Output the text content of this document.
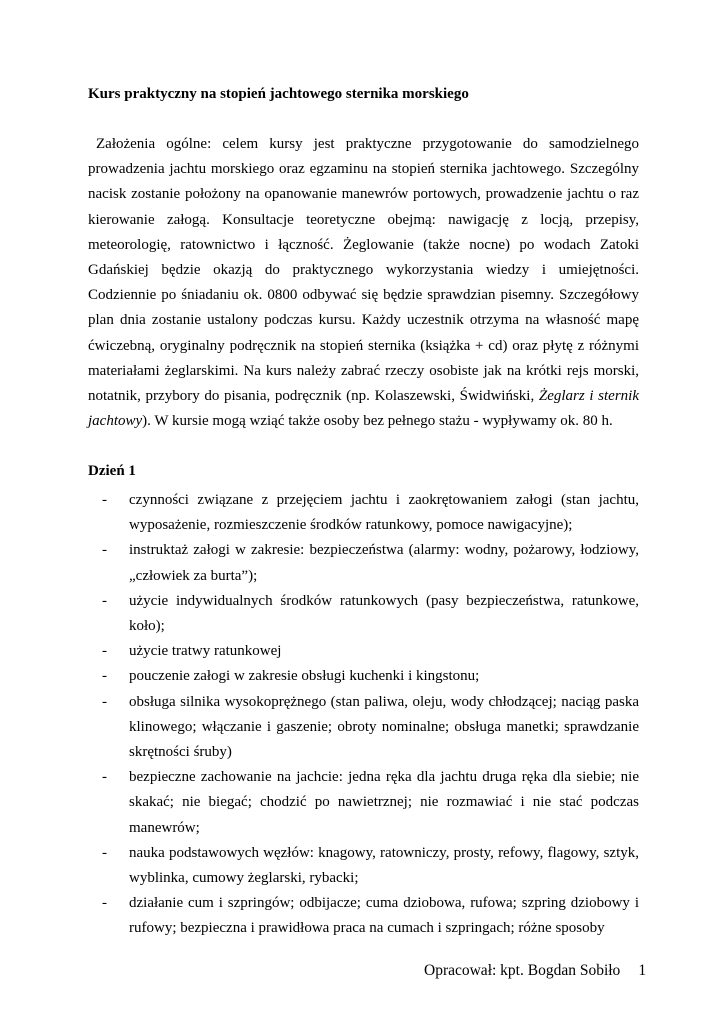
Kurs praktyczny na stopień jachtowego sternika morskiego

Założenia ogólne: celem kursy jest praktyczne przygotowanie do samodzielnego prowadzenia jachtu morskiego oraz egzaminu na stopień sternika jachtowego. Szczególny nacisk zostanie położony na opanowanie manewrów portowych, prowadzenie jachtu o raz kierowanie załogą. Konsultacje teoretyczne obejmą: nawigację z locją, przepisy, meteorologię, ratownictwo i łączność. Żeglowanie (także nocne) po wodach Zatoki Gdańskiej będzie okazją do praktycznego wykorzystania wiedzy i umiejętności. Codziennie po śniadaniu ok. 0800 odbywać się będzie sprawdzian pisemny. Szczegółowy plan dnia zostanie ustalony podczas kursu. Każdy uczestnik otrzyma na własność mapę ćwiczebną, oryginalny podręcznik na stopień sternika (książka + cd) oraz płytę z różnymi materiałami żeglarskimi. Na kurs należy zabrać rzeczy osobiste jak na krótki rejs morski, notatnik, przybory do pisania, podręcznik (np. Kolaszewski, Świdwiński, Żeglarz i sternik jachtowy). W kursie mogą wziąć także osoby bez pełnego stażu - wypływamy ok. 80 h.

Dzień 1
- czynności związane z przejęciem jachtu i zaokrętowaniem załogi (stan jachtu, wyposażenie, rozmieszczenie środków ratunkowy, pomoce nawigacyjne);
- instruktaż załogi w zakresie: bezpieczeństwa (alarmy: wodny, pożarowy, łodziowy, „człowiek za burta”);
- użycie indywidualnych środków ratunkowych (pasy bezpieczeństwa, ratunkowe, koło);
- użycie tratwy ratunkowej
- pouczenie załogi w zakresie obsługi kuchenki i kingstonu;
- obsługa silnika wysokoprężnego (stan paliwa, oleju, wody chłodzącej; naciąg paska klinowego; włączanie i gaszenie; obroty nominalne; obsługa manetki; sprawdzanie skrętności śruby)
- bezpieczne zachowanie na jachcie: jedna ręka dla jachtu druga ręka dla siebie; nie skakać; nie biegać; chodzić po nawietrznej; nie rozmawiać i nie stać podczas manewrów;
- nauka podstawowych węzłów: knagowy, ratowniczy, prosty, refowy, flagowy, sztyk, wyblinka, cumowy żeglarski, rybacki;
- działanie cum i szpringów; odbijacze; cuma dziobowa, rufowa; szpring dziobowy i rufowy; bezpieczna i prawidłowa praca na cumach i szpringach; różne sposoby
Opracował: kpt. Bogdan Sobiło 1
